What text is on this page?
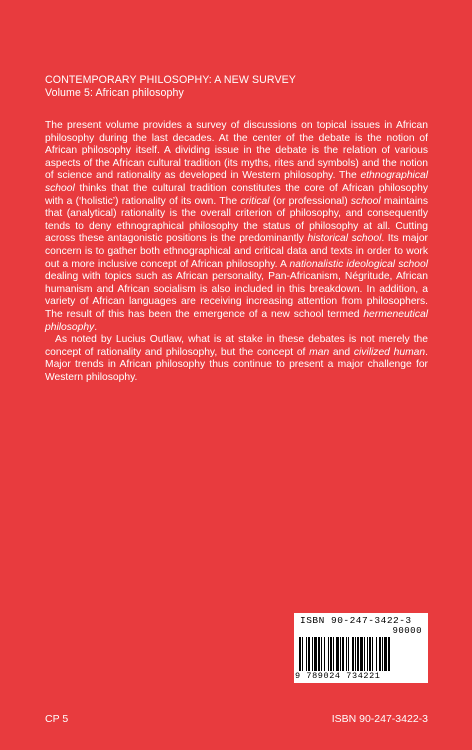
CONTEMPORARY PHILOSOPHY: A NEW SURVEY
Volume 5: African philosophy

The present volume provides a survey of discussions on topical issues in African philosophy during the last decades. At the center of the debate is the notion of African philosophy itself. A dividing issue in the debate is the relation of various aspects of the African cultural tradition (its myths, rites and symbols) and the notion of science and rationality as developed in Western philosophy. The ethnographical school thinks that the cultural tradition constitutes the core of African philosophy with a (‘holistic’) rationality of its own. The critical (or professional) school maintains that (analytical) rationality is the overall criterion of philosophy, and consequently tends to deny ethnographical philosophy the status of philosophy at all. Cutting across these antagonistic positions is the predominantly historical school. Its major concern is to gather both ethnographical and critical data and texts in order to work out a more inclusive concept of African philosophy. A nationalistic ideological school dealing with topics such as African personality, Pan-Africanism, Négritude, African humanism and African socialism is also included in this breakdown. In addition, a variety of African languages are receiving increasing attention from philosophers. The result of this has been the emergence of a new school termed hermeneutical philosophy.

As noted by Lucius Outlaw, what is at stake in these debates is not merely the concept of rationality and philosophy, but the concept of man and civilized human. Major trends in African philosophy thus continue to present a major challenge for Western philosophy.

ISBN 90-247-3422-3
90000
9 789024 734221
CP 5	ISBN 90-247-3422-3
